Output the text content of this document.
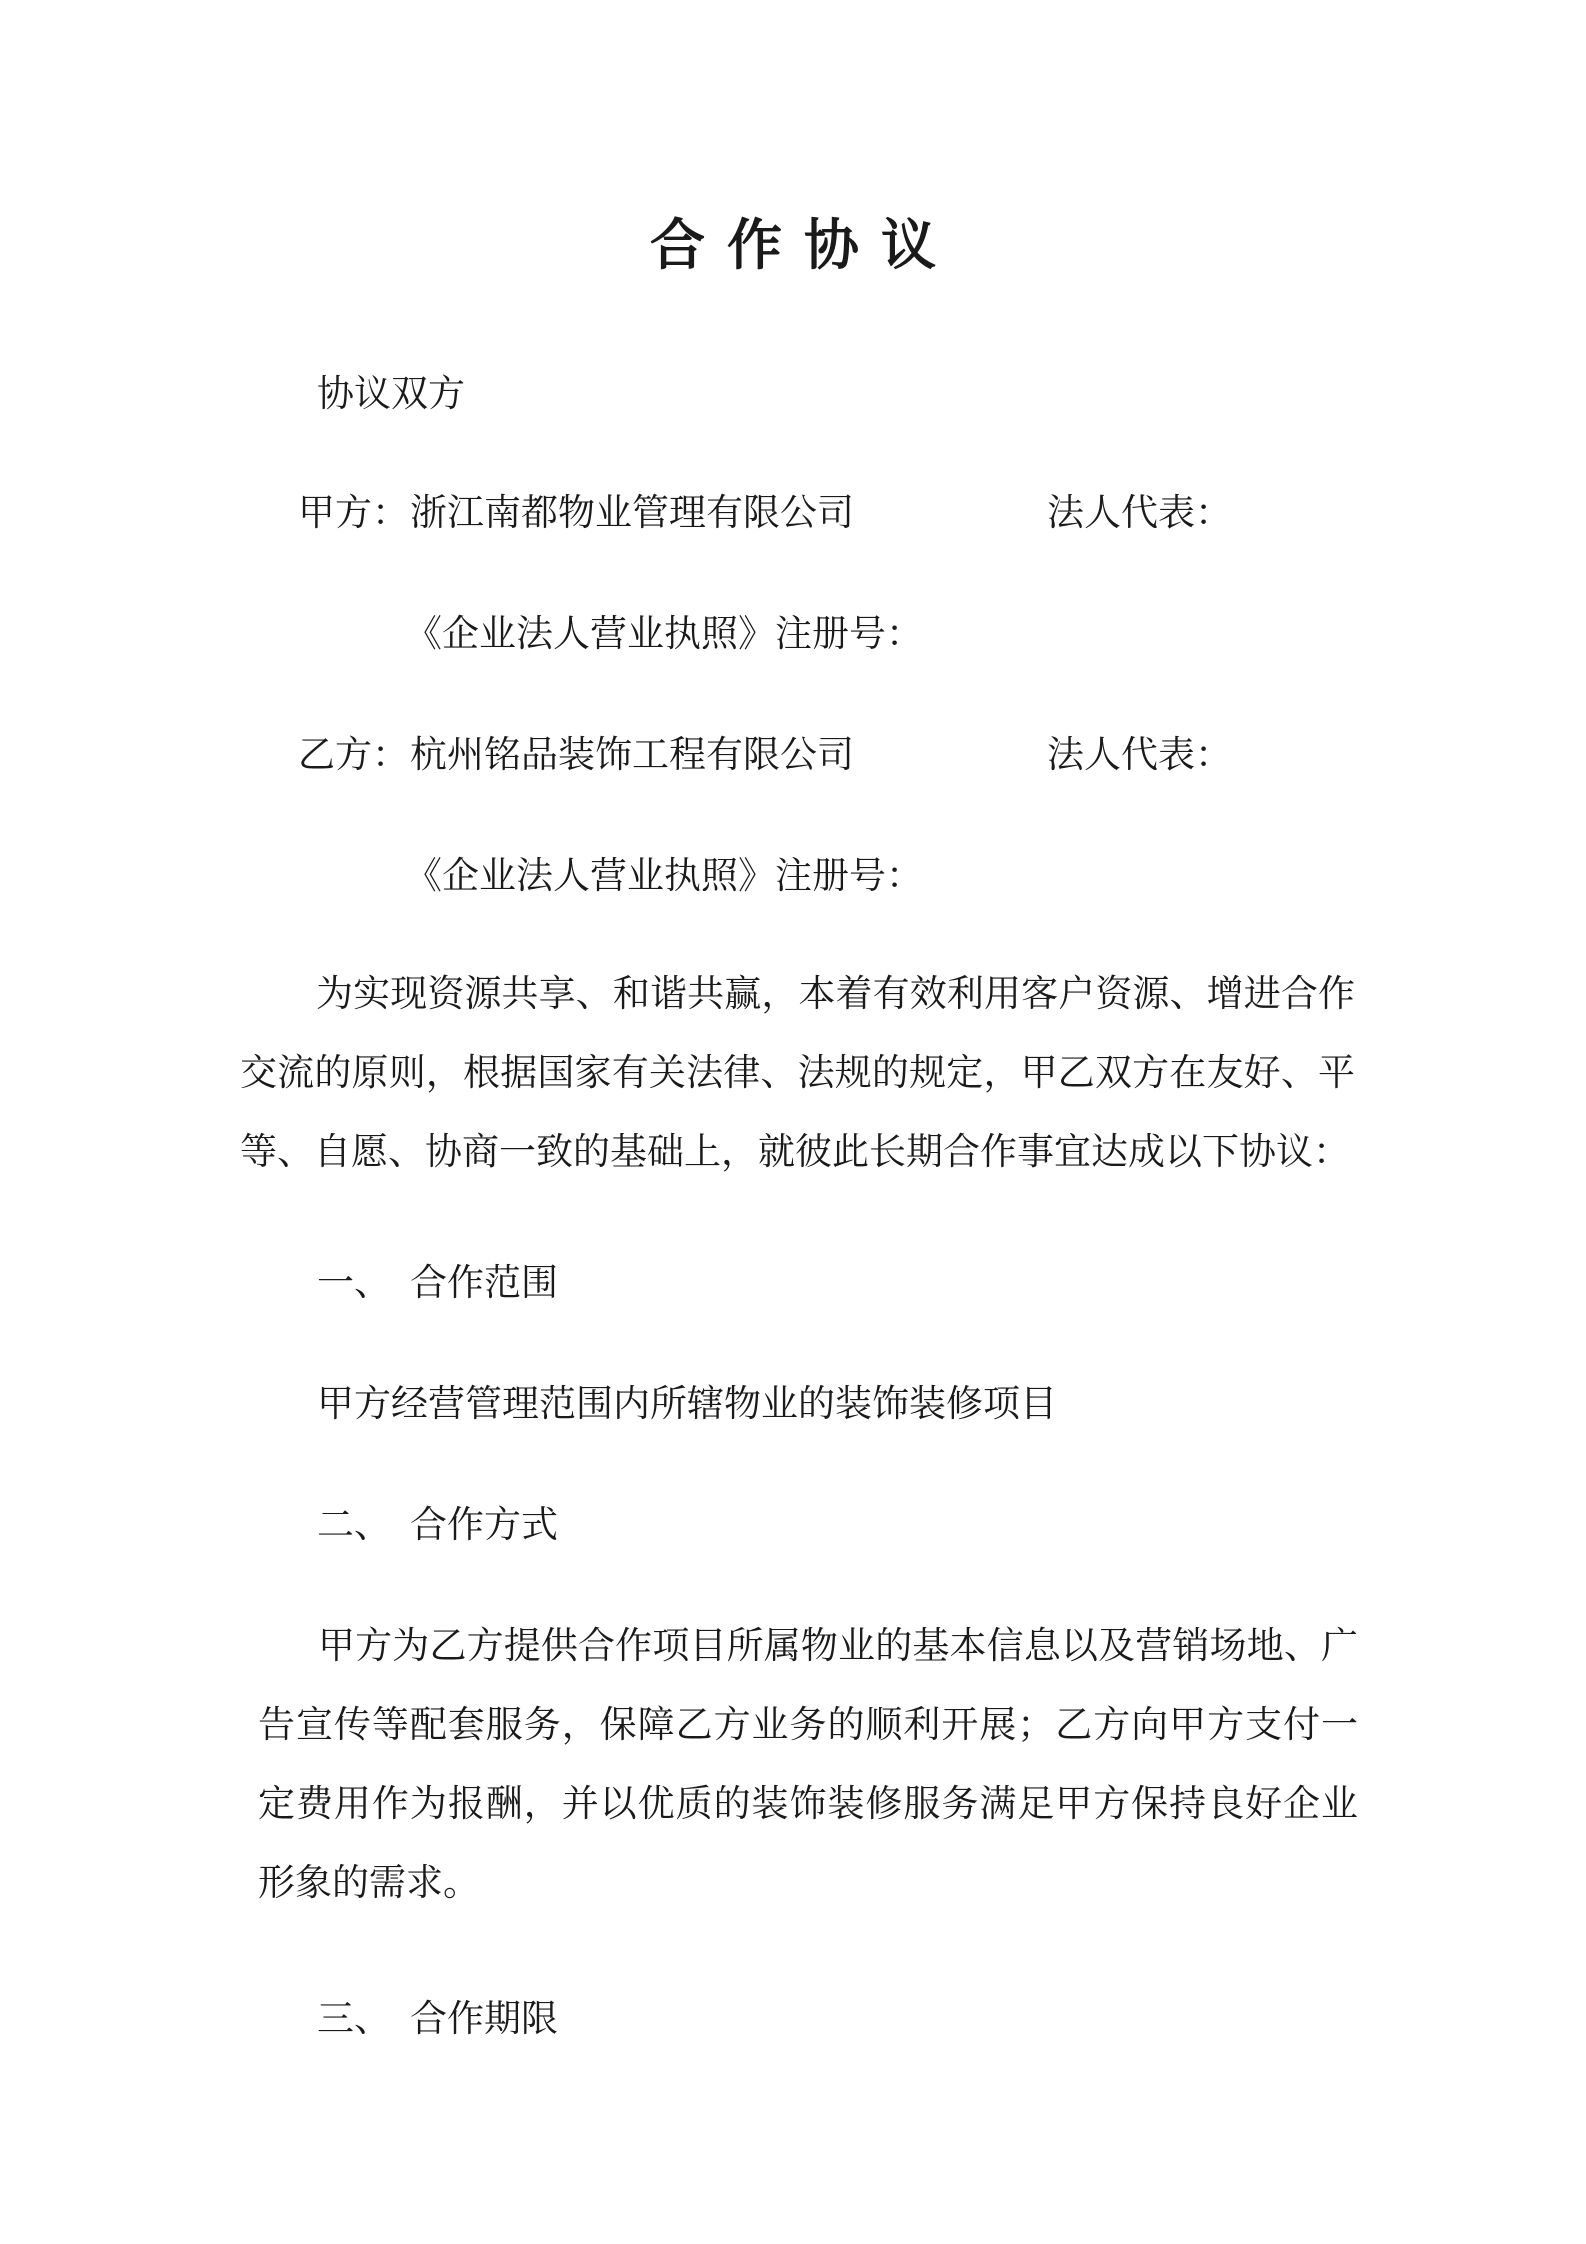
合作协议
协议双方
甲方： 浙江南都物业管理有限公司	法人代表：
《企业法人营业执照》注册号：
乙方： 杭州铭品装饰工程有限公司	法人代表：
《企业法人营业执照》注册号：
为实现资源共享、和谐共赢，本着有效利用客户资源、增进合作交流的原则，根据国家有关法律、法规的规定，甲乙双方在友好、平等、自愿、协商一致的基础上，就彼此长期合作事宜达成以下协议：
一、 合作范围
甲方经营管理范围内所辖物业的装饰装修项目
二、 合作方式
甲方为乙方提供合作项目所属物业的基本信息以及营销场地、广告宣传等配套服务，保障乙方业务的顺利开展；乙方向甲方支付一定费用作为报酬，并以优质的装饰装修服务满足甲方保持良好企业形象的需求。
三、 合作期限
